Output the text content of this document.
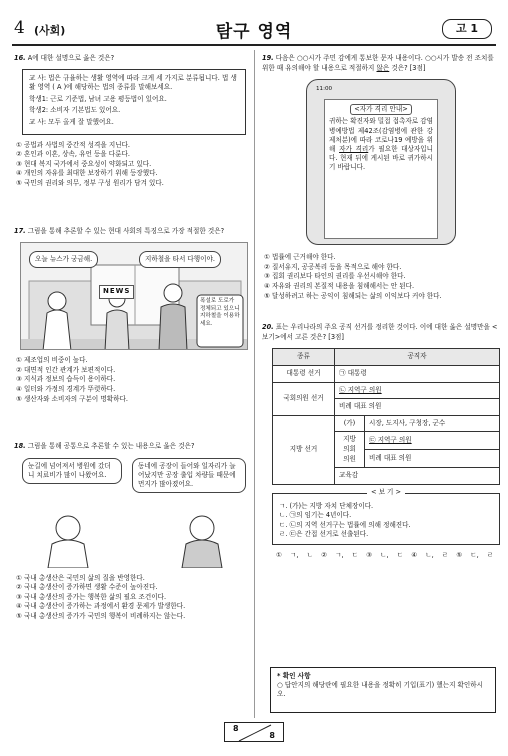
4 (사회)	탐구 영역	고 1
16. A에 대한 설명으로 옳은 것은?

교 사: 법은 규율하는 생활 영역에 따라 크게 세 가지로 분류됩니다. 법 생활 영역 ( A )에 해당하는 법의 종류를 말해보세요.

학생1: 근로 기준법, 남녀 고용 평등법이 있어요.

학생2: 소비자 기본법도 있어요.

교 사: 모두 올게 잘 말했어요.

① 공법과 사법의 중간적 성격을 지닌다.
② 혼인과 이혼, 상속, 유언 등을 다룬다.
③ 현대 복지 국가에서 중요성이 약화되고 있다.
④ 개인의 자유를 최대한 보장하기 위해 등장했다.
⑤ 국민의 권리와 의무, 정부 구성 원리가 담겨 있다.
17. 그림을 통해 추론할 수 있는 현대 사회의 특징으로 가장 적절한 것은?
오늘 뉴스가 궁금해.	지하철을 타서 다행이야.
NEWS
폭설로 도로가 정체되고 있으니 지하철을 이용하세요.
① 제조업의 비중이 높다.
② 대면적 인간 관계가 보편적이다.
③ 지식과 정보의 습득이 용이하다.
④ 일터와 가정의 경계가 뚜렷하다.
⑤ 생산자와 소비자의 구분이 명확하다.
18. 그림을 통해 공통으로 추론할 수 있는 내용으로 옳은 것은?
눈길에 넘어져서 병원에 갔더니 치료비가 많이 나왔어요.
동네에 공장이 들어와 일자리가 늘어났지만 공장 출입 차량들 때문에 먼지가 많아졌어요.
① 국내 총생산은 국민의 삶의 질을 반영한다.
② 국내 총생산이 증가하면 생활 수준이 높아진다.
③ 국내 총생산의 증가는 행복한 삶의 필요 조건이다.
④ 국내 총생산이 증가하는 과정에서 환경 문제가 발생한다.
⑤ 국내 총생산의 증가가 국민의 행복이 비례하지는 않는다.
19. 다음은 ○○시가 주민 감에게 통보한 문자 내용이다. ○○시가 발송 전 조치를 위한 때 유의해야 할 내용으로 적절하지 않은 것은? [3점]
11:00
<자가 격리 안내>
귀하는 확진자와 밀접 접촉자로 감염병예방법 제42조(감염병에 관한 강제처분)에 따라 코로나19 예방을 위해 자가 격리가 필요한 대상자입니다. 현재 뒤에 게시된 바로 귀가하시기 바랍니다.
① 법률에 근거해야 한다.
② 질서유지, 공공복리 등을 목적으로 해야 한다.
③ 집회 권리보다 타인의 권리를 우선시해야 한다.
④ 자유와 권리의 본질적 내용을 침해해서는 안 된다.
⑤ 달성하려고 하는 공익이 침해되는 삶의 이익보다 커야 한다.
20. 표는 우리나라의 주요 공직 선거를 정리한 것이다. 이에 대한 옳은 설명만을 <보기>에서 고른 것은? [3점]
종류	공직자	
대통령 선거	㉠ 대통령	
국회의원 선거	㉡ 지역구 의원	
	비례 대표 의원	
지방 선거	(가)	시장, 도지사, 구청장, 군수
	지방 의회 의원	㉢ 지역구 의원
		비례 대표 의원
	교육감	
< 보 기 >

ㄱ. (가)는 지방 자치 단체장이다.

ㄴ. ㉠의 임기는 4년이다.

ㄷ. ㉡의 지역 선거구는 법률에 의해 정해진다.

ㄹ. ㉢은 간접 선거로 선출된다.

① ㄱ, ㄴ ② ㄱ, ㄷ ③ ㄴ, ㄷ ④ ㄴ, ㄹ ⑤ ㄷ, ㄹ
* 확인 사항
○ 답안지의 해당란에 필요한 내용을 정확히 기입(표기) 했는지 확인하시오.
8
8
